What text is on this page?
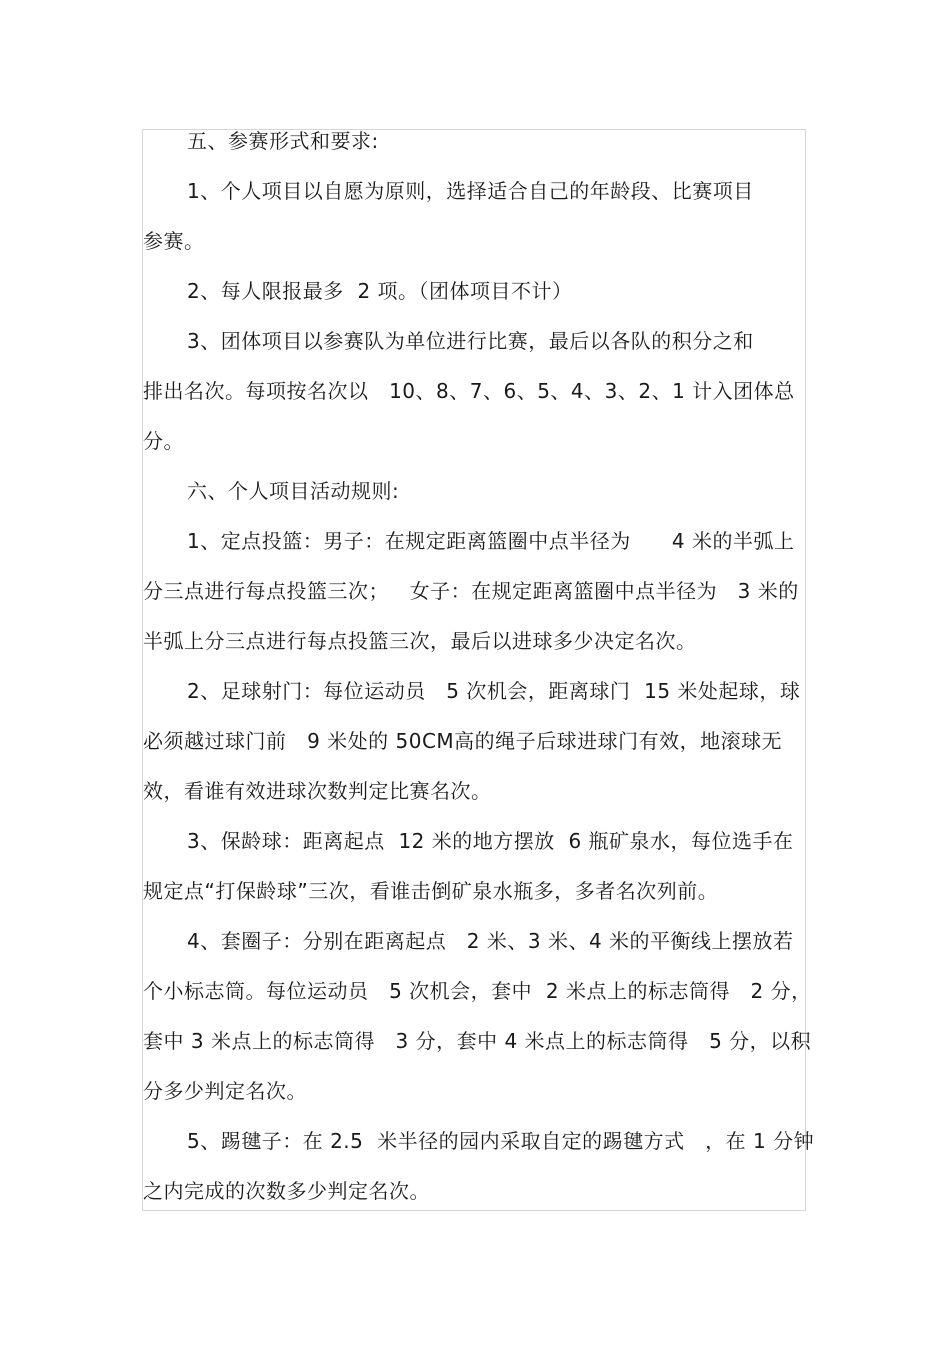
五、参赛形式和要求:
1、个人项目以自愿为原则，选择适合自己的年龄段、比赛项目
参赛。
2、每人限报最多  2 项。（团体项目不计）
3、团体项目以参赛队为单位进行比赛，最后以各队的积分之和
排出名次。每项按名次以   10、8、7、6、5、4、3、2、1 计入团体总
分。
六、个人项目活动规则:
1、定点投篮：男子：在规定距离篮圈中点半径为      4 米的半弧上
分三点进行每点投篮三次；   女子：在规定距离篮圈中点半径为   3 米的
半弧上分三点进行每点投篮三次，最后以进球多少决定名次。
2、足球射门：每位运动员   5 次机会，距离球门  15 米处起球，球
必须越过球门前   9 米处的 50CM高的绳子后球进球门有效，地滚球无
效，看谁有效进球次数判定比赛名次。
3、保龄球：距离起点  12 米的地方摆放  6 瓶矿泉水，每位选手在
规定点“打保龄球”三次，看谁击倒矿泉水瓶多，多者名次列前。
4、套圈子：分别在距离起点   2 米、3 米、4 米的平衡线上摆放若
个小标志筒。每位运动员   5 次机会，套中  2 米点上的标志筒得   2 分，
套中 3 米点上的标志筒得   3 分，套中 4 米点上的标志筒得   5 分，以积
分多少判定名次。
5、踢毽子：在 2.5  米半径的园内采取自定的踢毽方式   ，在 1 分钟
之内完成的次数多少判定名次。
